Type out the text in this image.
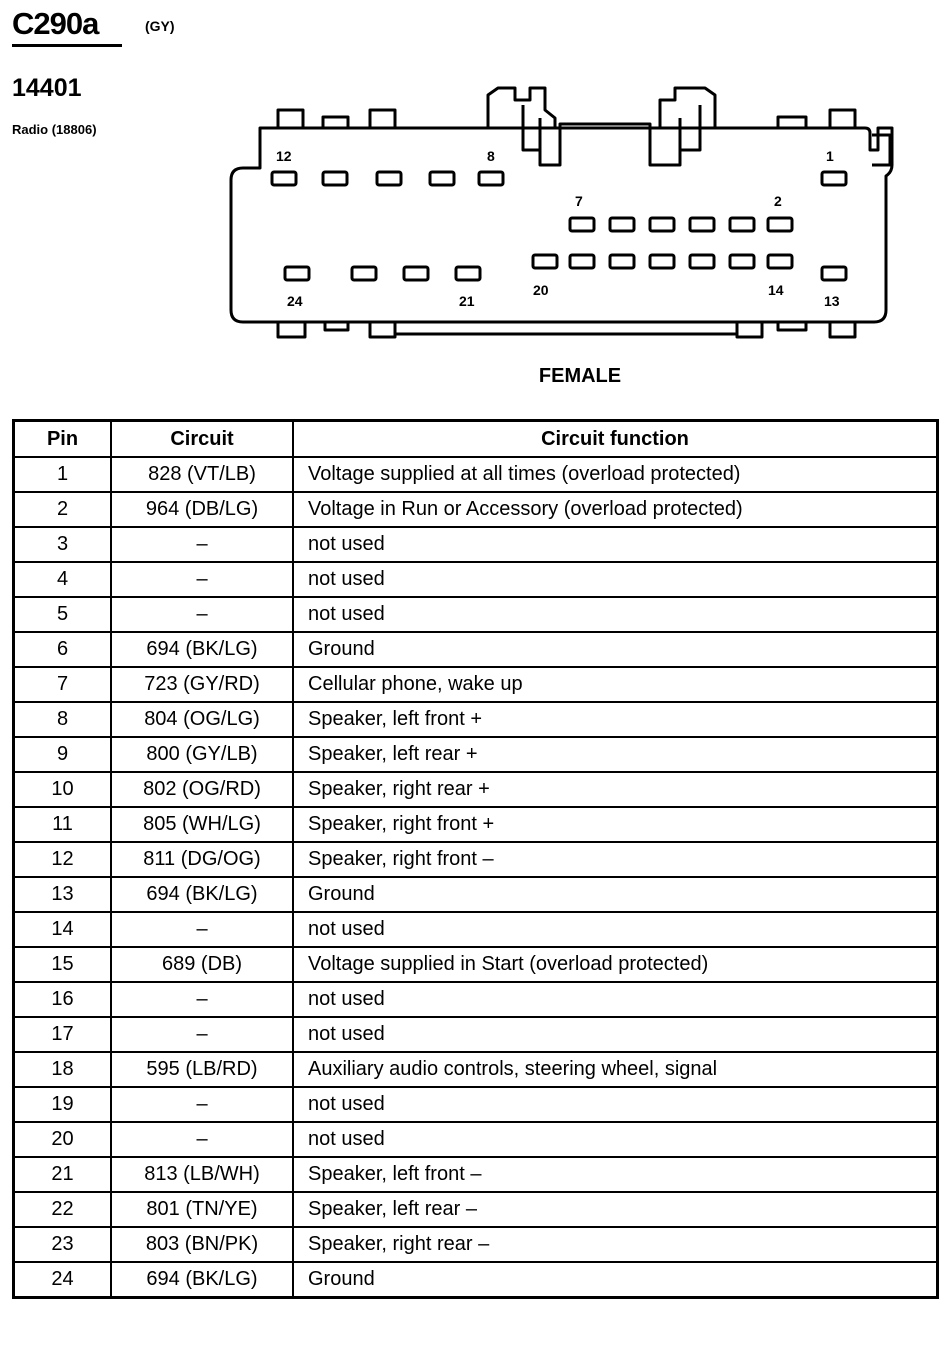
C290a	(GY)
14401
Radio (18806)
12	8	1
7	2
24	21
20	14
13
FEMALE
Pin	Circuit	Circuit function
1	828 (VT/LB)	Voltage supplied at all times (overload protected)
2	964 (DB/LG)	Voltage in Run or Accessory (overload protected)
3	–	not used
4	–	not used
5	–	not used
6	694 (BK/LG)	Ground
7	723 (GY/RD)	Cellular phone, wake up
8	804 (OG/LG)	Speaker, left front +
9	800 (GY/LB)	Speaker, left rear +
10	802 (OG/RD)	Speaker, right rear +
11	805 (WH/LG)	Speaker, right front +
12	811 (DG/OG)	Speaker, right front –
13	694 (BK/LG)	Ground
14	–	not used
15	689 (DB)	Voltage supplied in Start (overload protected)
16	–	not used
17	–	not used
18	595 (LB/RD)	Auxiliary audio controls, steering wheel, signal
19	–	not used
20	–	not used
21	813 (LB/WH)	Speaker, left front –
22	801 (TN/YE)	Speaker, left rear –
23	803 (BN/PK)	Speaker, right rear –
24	694 (BK/LG)	Ground
